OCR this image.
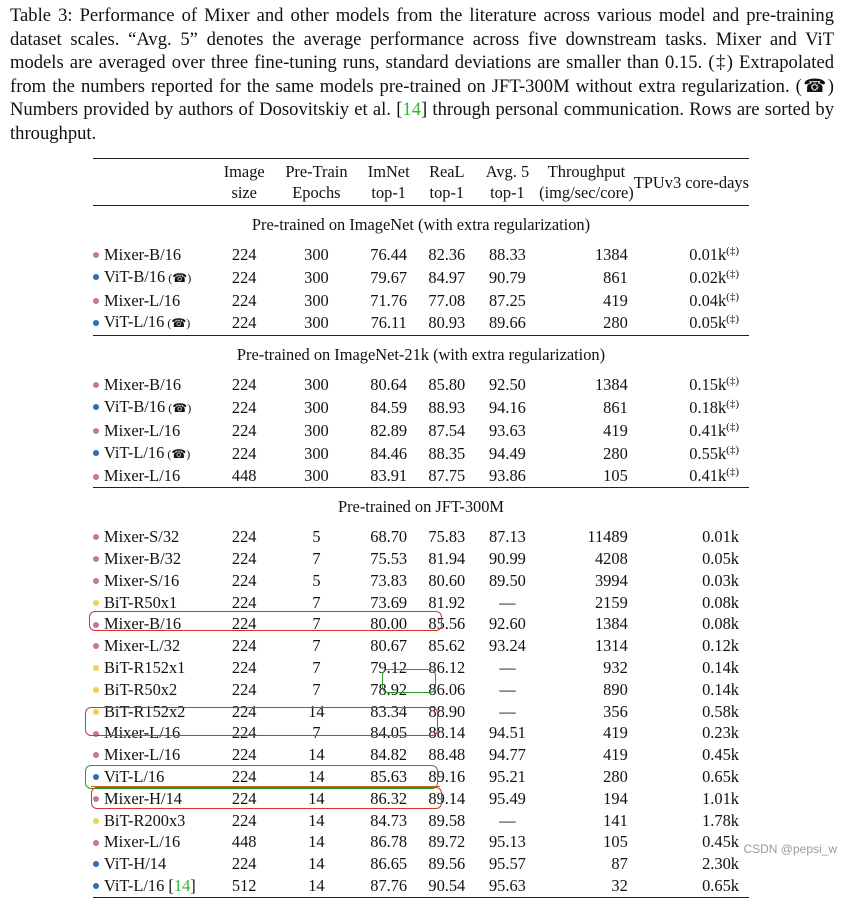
Table 3: Performance of Mixer and other models from the literature across various model and pre-training dataset scales. “Avg. 5” denotes the average performance across five downstream tasks. Mixer and ViT models are averaged over three fine-tuning runs, standard deviations are smaller than 0.15. (‡) Extrapolated from the numbers reported for the same models pre-trained on JFT-300M without extra regularization. (☎) Numbers provided by authors of Dosovitskiy et al. [14] through personal communication. Rows are sorted by throughput.
	Image size	Pre-Train Epochs	ImNet top-1	ReaL top-1	Avg. 5 top-1	Throughput (img/sec/core)	TPUv3 core-days
Pre-trained on ImageNet (with extra regularization)							
Mixer-B/16	224	300	76.44	82.36	88.33	1384	0.01k(‡)
ViT-B/16 (☎)	224	300	79.67	84.97	90.79	861	0.02k(‡)
Mixer-L/16	224	300	71.76	77.08	87.25	419	0.04k(‡)
ViT-L/16 (☎)	224	300	76.11	80.93	89.66	280	0.05k(‡)
Pre-trained on ImageNet-21k (with extra regularization)							
Mixer-B/16	224	300	80.64	85.80	92.50	1384	0.15k(‡)
ViT-B/16 (☎)	224	300	84.59	88.93	94.16	861	0.18k(‡)
Mixer-L/16	224	300	82.89	87.54	93.63	419	0.41k(‡)
ViT-L/16 (☎)	224	300	84.46	88.35	94.49	280	0.55k(‡)
Mixer-L/16	448	300	83.91	87.75	93.86	105	0.41k(‡)
Pre-trained on JFT-300M							
Mixer-S/32	224	5	68.70	75.83	87.13	11489	0.01k
Mixer-B/32	224	7	75.53	81.94	90.99	4208	0.05k
Mixer-S/16	224	5	73.83	80.60	89.50	3994	0.03k
BiT-R50x1	224	7	73.69	81.92	—	2159	0.08k
Mixer-B/16	224	7	80.00	85.56	92.60	1384	0.08k
Mixer-L/32	224	7	80.67	85.62	93.24	1314	0.12k
BiT-R152x1	224	7	79.12	86.12	—	932	0.14k
BiT-R50x2	224	7	78.92	86.06	—	890	0.14k
BiT-R152x2	224	14	83.34	88.90	—	356	0.58k
Mixer-L/16	224	7	84.05	88.14	94.51	419	0.23k
Mixer-L/16	224	14	84.82	88.48	94.77	419	0.45k
ViT-L/16	224	14	85.63	89.16	95.21	280	0.65k
Mixer-H/14	224	14	86.32	89.14	95.49	194	1.01k
BiT-R200x3	224	14	84.73	89.58	—	141	1.78k
Mixer-L/16	448	14	86.78	89.72	95.13	105	0.45k
ViT-H/14	224	14	86.65	89.56	95.57	87	2.30k
ViT-L/16 [14]	512	14	87.76	90.54	95.63	32	0.65k
CSDN @pepsi_w
